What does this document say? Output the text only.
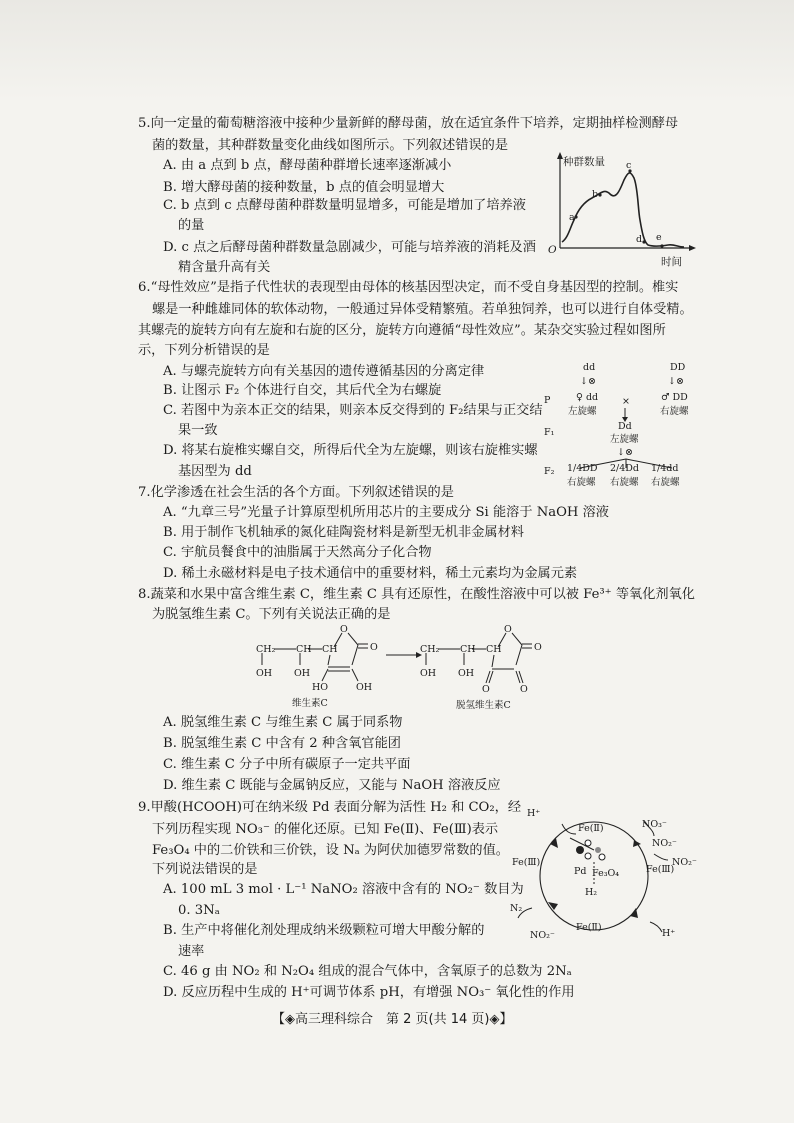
5.向一定量的葡萄糖溶液中接种少量新鲜的酵母菌，放在适宜条件下培养，定期抽样检测酵母
菌的数量，其种群数量变化曲线如图所示。下列叙述错误的是
A. 由 a 点到 b 点，酵母菌种群增长速率逐渐减小
B. 增大酵母菌的接种数量，b 点的值会明显增大
C. b 点到 c 点酵母菌种群数量明显增多，可能是增加了培养液
的量
D. c 点之后酵母菌种群数量急剧减少，可能与培养液的消耗及酒
精含量升高有关
种群数量
时间
O
a
b
c
d e
6.“母性效应”是指子代性状的表现型由母体的核基因型决定，而不受自身基因型的控制。椎实
螺是一种雌雄同体的软体动物，一般通过异体受精繁殖。若单独饲养，也可以进行自体受精。
其螺壳的旋转方向有左旋和右旋的区分，旋转方向遵循“母性效应”。某杂交实验过程如图所
示，下列分析错误的是
A. 与螺壳旋转方向有关基因的遗传遵循基因的分离定律
B. 让图示 F₂ 个体进行自交，其后代全为右螺旋
C. 若图中为亲本正交的结果，则亲本反交得到的 F₂结果与正交结
果一致
D. 将某右旋椎实螺自交，所得后代全为左旋螺，则该右旋椎实螺
基因型为 dd
dd	DD
↓⊗	↓⊗
P	♀ dd	×	♂ DD
左旋螺	右旋螺
F₁
Dd
左旋螺
↓⊗
F₂ 1/4DD
右旋螺
2/4Dd
右旋螺
1/4dd
右旋螺
7.化学渗透在社会生活的各个方面。下列叙述错误的是
A. “九章三号”光量子计算原型机所用芯片的主要成分 Si 能溶于 NaOH 溶液
B. 用于制作飞机轴承的氮化硅陶瓷材料是新型无机非金属材料
C. 宇航员餐食中的油脂属于天然高分子化合物
D. 稀土永磁材料是电子技术通信中的重要材料，稀土元素均为金属元素
8.蔬菜和水果中富含维生素 C，维生素 C 具有还原性，在酸性溶液中可以被 Fe³⁺ 等氧化剂氧化
为脱氢维生素 C。下列有关说法正确的是
CH₂ CH CH
OH OH
O
O
HO	OH
维生素C
CH₂ CH CH
OH OH
O
O
O	O
脱氢维生素C
A. 脱氢维生素 C 与维生素 C 属于同系物
B. 脱氢维生素 C 中含有 2 种含氧官能团
C. 维生素 C 分子中所有碳原子一定共平面
D. 维生素 C 既能与金属钠反应，又能与 NaOH 溶液反应
9.甲酸(HCOOH)可在纳米级 Pd 表面分解为活性 H₂ 和 CO₂，经
下列历程实现 NO₃⁻ 的催化还原。已知 Fe(Ⅱ)、Fe(Ⅲ)表示
Fe₃O₄ 中的二价铁和三价铁，设 Nₐ 为阿伏加德罗常数的值。
下列说法错误的是
A. 100 mL 3 mol · L⁻¹ NaNO₂ 溶液中含有的 NO₂⁻ 数目为
0. 3Nₐ
B. 生产中将催化剂处理成纳米级颗粒可增大甲酸分解的
速率
C. 46 g 由 NO₂ 和 N₂O₄ 组成的混合气体中，含氧原子的总数为 2Nₐ
D. 反应历程中生成的 H⁺可调节体系 pH，有增强 NO₃⁻ 氧化性的作用
H⁺
Fe(Ⅱ)	NO₃⁻
NO₂⁻
NO₂⁻
Fe(Ⅲ)
Fe(Ⅲ)
Pd Fe₃O₄
H₂
N₂
NO₂⁻
Fe(Ⅱ)
H⁺
【◈高三理科综合　第 2 页(共 14 页)◈】
